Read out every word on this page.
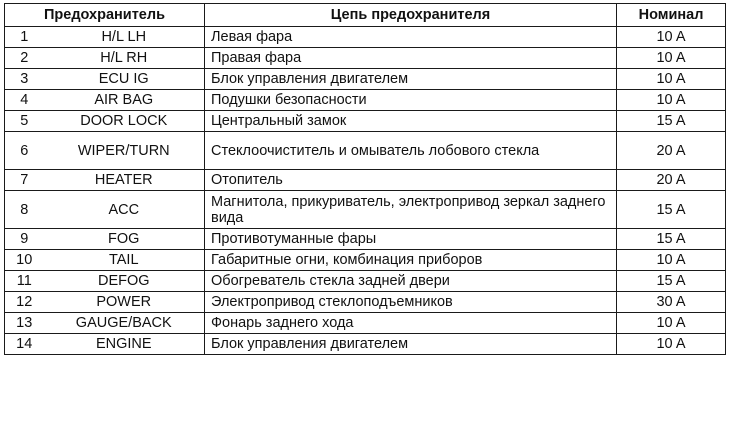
Предохранитель		Цепь предохранителя	Номинал
1	H/L LH	Левая фара	10 A
2	H/L RH	Правая фара	10 A
3	ECU IG	Блок управления двигателем	10 A
4	AIR BAG	Подушки безопасности	10 A
5	DOOR LOCK	Центральный замок	15 A
6	WIPER/TURN	Стеклоочиститель и омыватель лобового стекла	20 A
7	HEATER	Отопитель	20 A
8	ACC	Магнитола, прикуриватель, электропривод зеркал заднего вида	15 A
9	FOG	Противотуманные фары	15 A
10	TAIL	Габаритные огни, комбинация приборов	10 A
11	DEFOG	Обогреватель стекла задней двери	15 A
12	POWER	Электропривод стеклоподъемников	30 A
13	GAUGE/BACK	Фонарь заднего хода	10 A
14	ENGINE	Блок управления двигателем	10 A
